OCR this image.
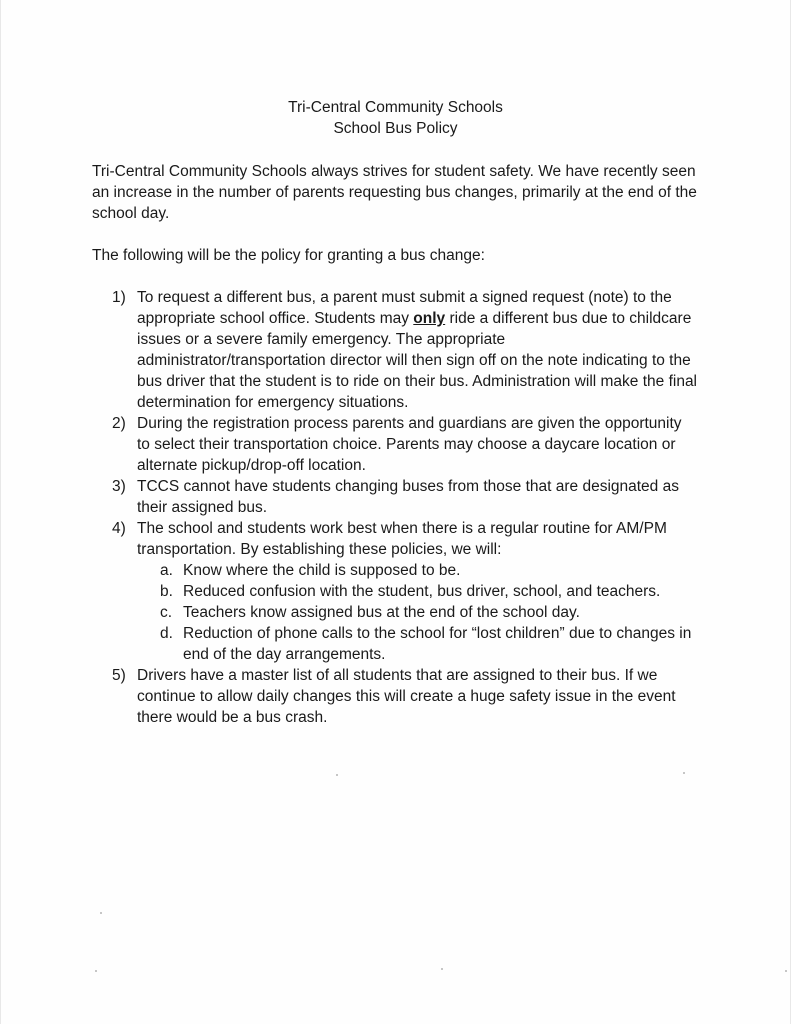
Tri-Central Community Schools
School Bus Policy
Tri-Central Community Schools always strives for student safety. We have recently seen an increase in the number of parents requesting bus changes, primarily at the end of the school day.
The following will be the policy for granting a bus change:
1) To request a different bus, a parent must submit a signed request (note) to the appropriate school office. Students may only ride a different bus due to childcare issues or a severe family emergency. The appropriate administrator/transportation director will then sign off on the note indicating to the bus driver that the student is to ride on their bus. Administration will make the final determination for emergency situations.
2) During the registration process parents and guardians are given the opportunity to select their transportation choice. Parents may choose a daycare location or alternate pickup/drop-off location.
3) TCCS cannot have students changing buses from those that are designated as their assigned bus.
4) The school and students work best when there is a regular routine for AM/PM transportation. By establishing these policies, we will:
a. Know where the child is supposed to be.
b. Reduced confusion with the student, bus driver, school, and teachers.
c. Teachers know assigned bus at the end of the school day.
d. Reduction of phone calls to the school for “lost children” due to changes in end of the day arrangements.
5) Drivers have a master list of all students that are assigned to their bus. If we continue to allow daily changes this will create a huge safety issue in the event there would be a bus crash.
